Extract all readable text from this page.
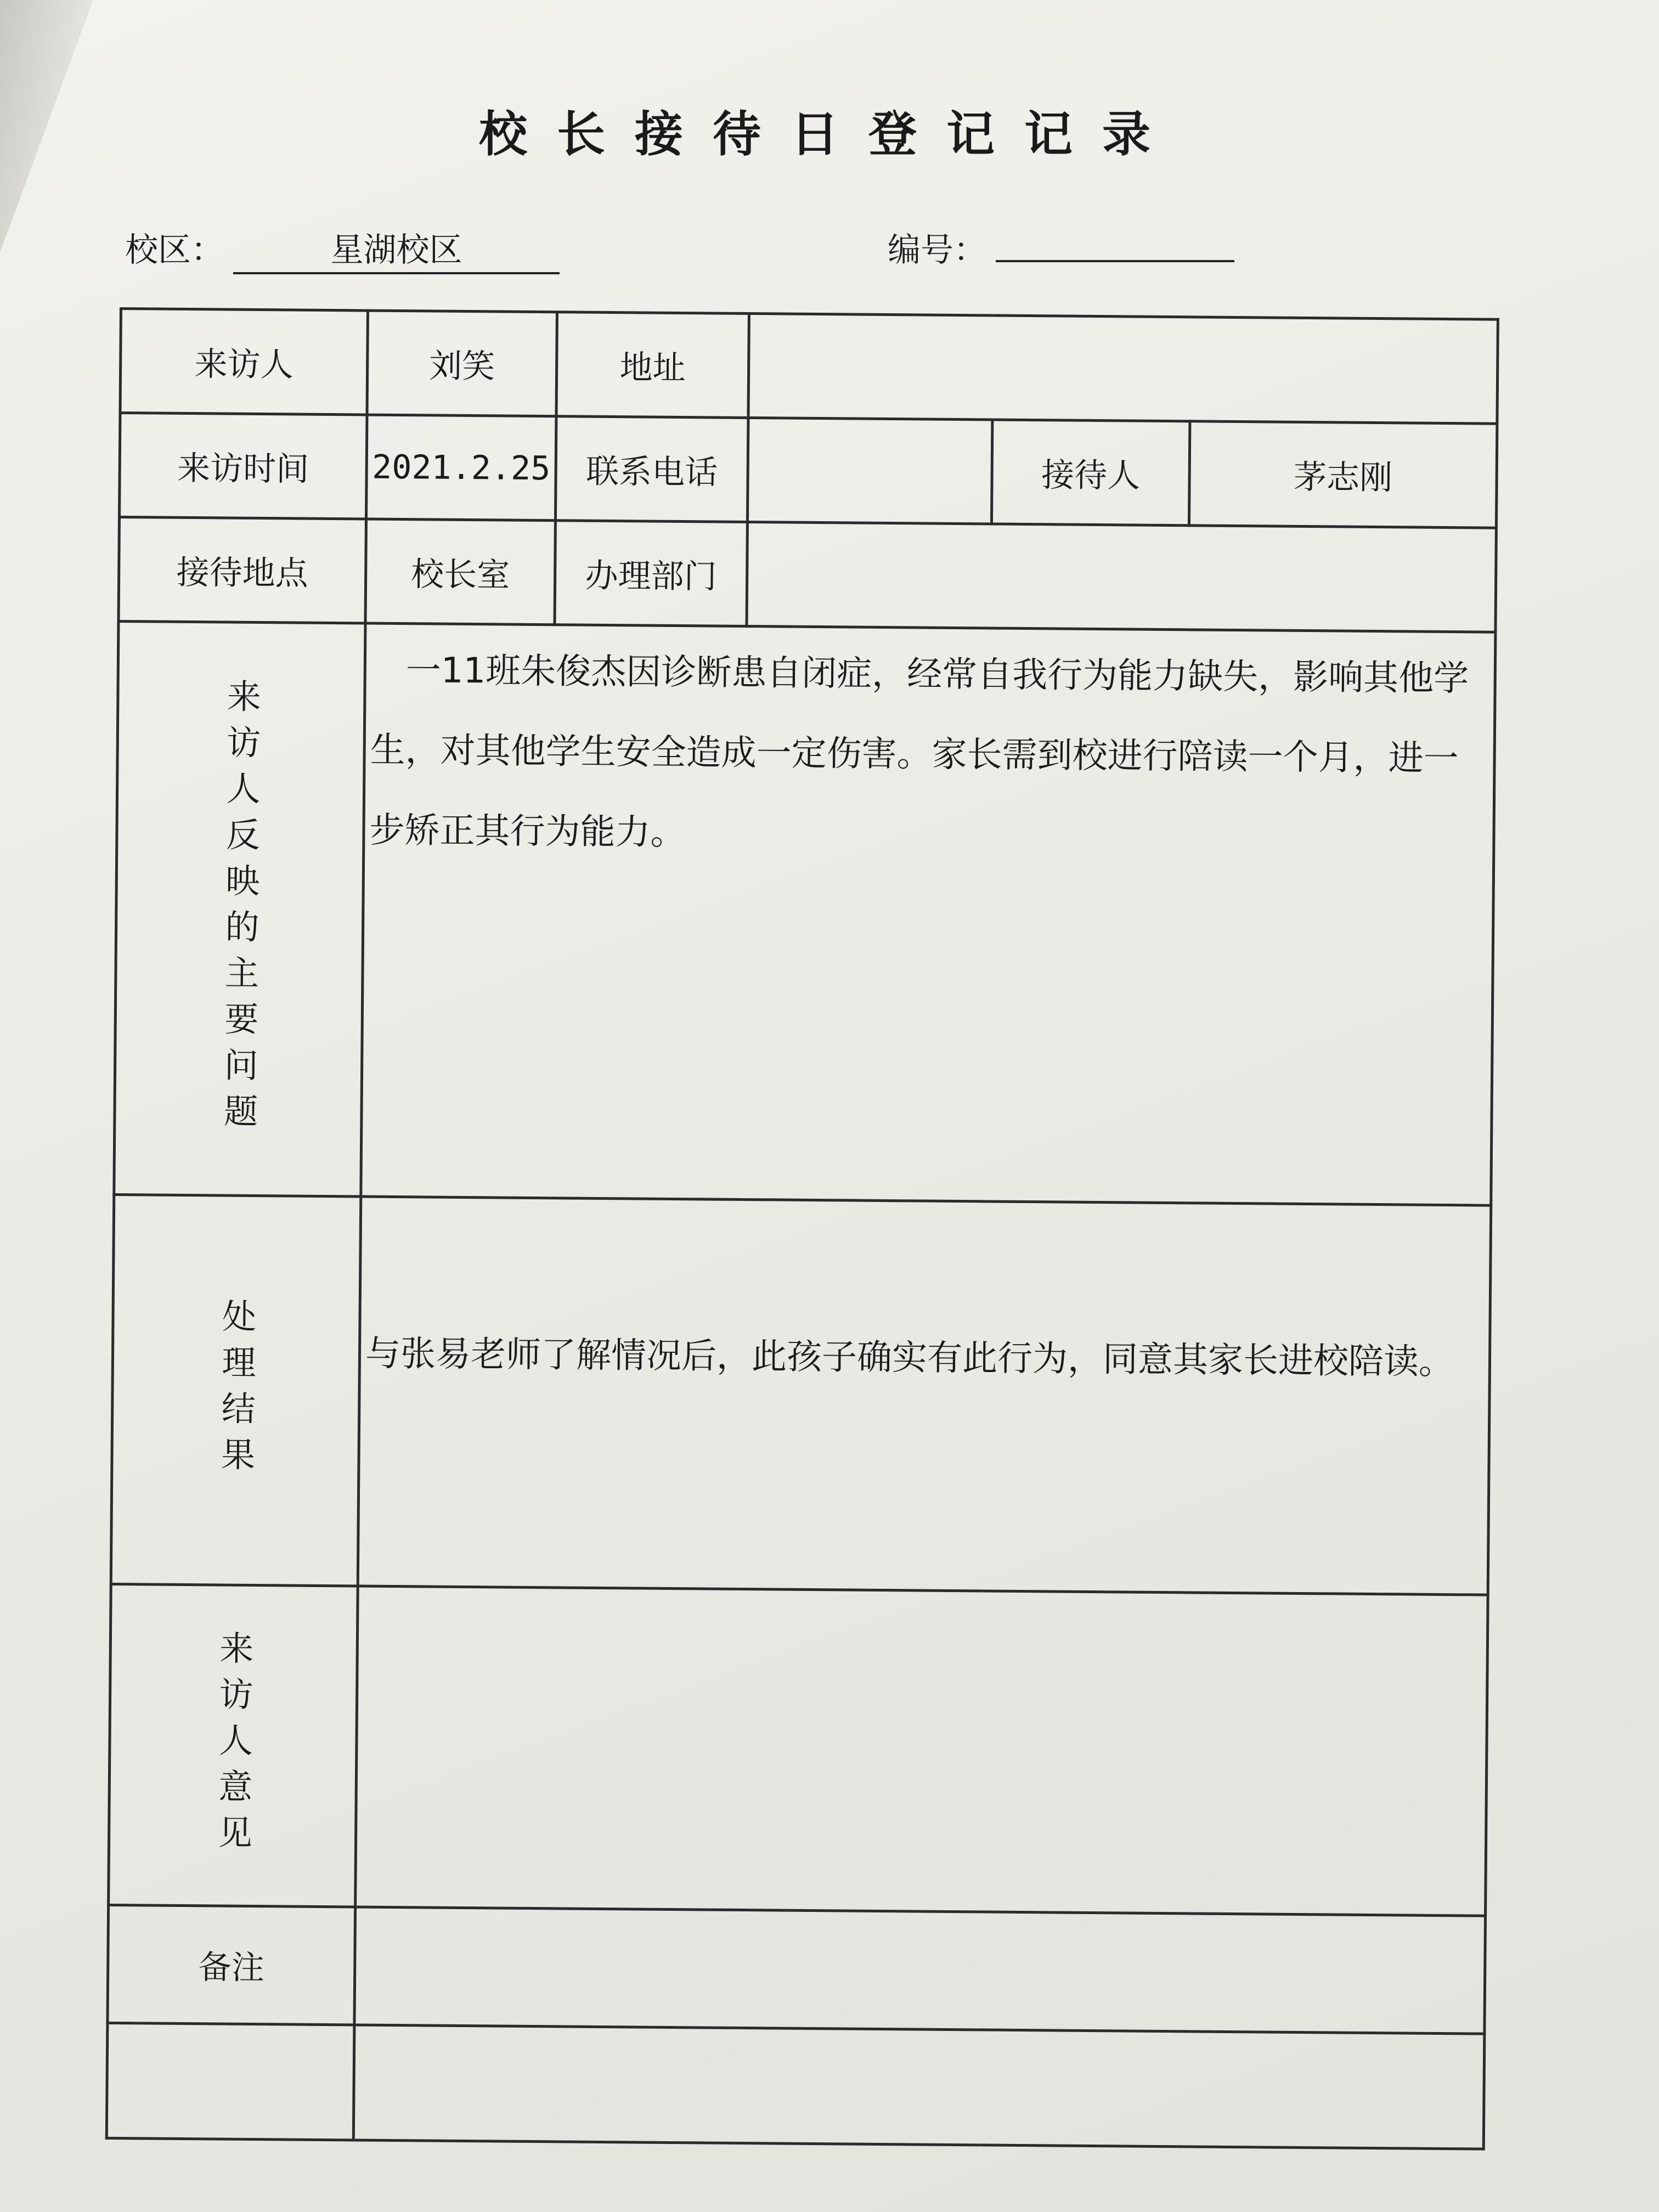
校长接待日登记记录
校区：	星湖校区	编号：
来访人	刘笑	地址			
来访时间	2021.2.25	联系电话		接待人	茅志刚
接待地点	校长室	办理部门			

来访人反映的主要问题	一11班朱俊杰因诊断患自闭症，经常自我行为能力缺失，影响其他学生，对其他学生安全造成一定伤害。家长需到校进行陪读一个月，进一步矫正其行为能力。				

处理结果	与张易老师了解情况后，此孩子确实有此行为，同意其家长进校陪读。				

来访人意见					

备注					
